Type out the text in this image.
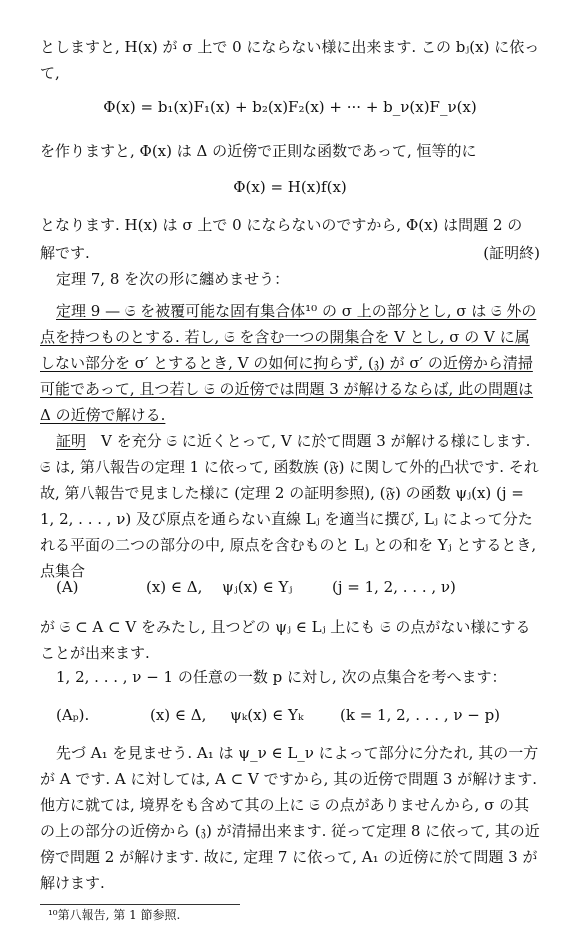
としますと, H(x) が σ 上で 0 にならない様に出来ます. この bⱼ(x) に依って,

Φ(x) = b₁(x)F₁(x) + b₂(x)F₂(x) + ··· + b_ν(x)F_ν(x)

を作りますと, Φ(x) は Δ の近傍で正則な函数であって, 恒等的に

Φ(x) = H(x)f(x)

となります. H(x) は σ 上で 0 にならないのですから, Φ(x) は問題 2 の

解です.	(証明終)

定理 7, 8 を次の形に纏めませう：

定理 9 — 𝔖 を被覆可能な固有集合体¹⁰ の σ 上の部分とし, σ は 𝔖 外の点を持つものとする. 若し, 𝔖 を含む一つの開集合を V とし, σ の V に属しない部分を σ′ とするとき, V の如何に拘らず, (𝔷) が σ′ の近傍から清掃可能であって, 且つ若し 𝔖 の近傍では問題 3 が解けるならば, 此の問題は Δ の近傍で解ける.

証明　 V を充分 𝔖 に近くとって, V に於て問題 3 が解ける様にします. 𝔖 は, 第八報告の定理 1 に依って, 函数族 (𝔉) に関して外的凸状です. それ故, 第八報告で見ました様に (定理 2 の証明参照), (𝔉) の函数 ψⱼ(x) (j = 1, 2, . . . , ν) 及び原点を通らない直線 Lⱼ を適当に撰び, Lⱼ によって分たれる平面の二つの部分の中, 原点を含むものと Lⱼ との和を Yⱼ とするとき, 点集合

(A)	(x) ∈ Δ, ψⱼ(x) ∈ Yⱼ	(j = 1, 2, . . . , ν)

が 𝔖 ⊂ A ⊂ V をみたし, 且つどの ψⱼ ∈ Lⱼ 上にも 𝔖 の点がない様にすることが出来ます.

1, 2, . . . , ν − 1 の任意の一数 p に対し, 次の点集合を考へます：

(Aₚ).	(x) ∈ Δ, ψₖ(x) ∈ Yₖ (k = 1, 2, . . . , ν − p)

先づ A₁ を見ませう. A₁ は ψ_ν ∈ L_ν によって部分に分たれ, 其の一方が A です. A に対しては, A ⊂ V ですから, 其の近傍で問題 3 が解けます. 他方に就ては, 境界をも含めて其の上に 𝔖 の点がありませんから, σ の其の上の部分の近傍から (𝔷) が清掃出来ます. 従って定理 8 に依って, 其の近傍で問題 2 が解けます. 故に, 定理 7 に依って, A₁ の近傍に於て問題 3 が解けます.

¹⁰第八報告, 第 1 節参照.
